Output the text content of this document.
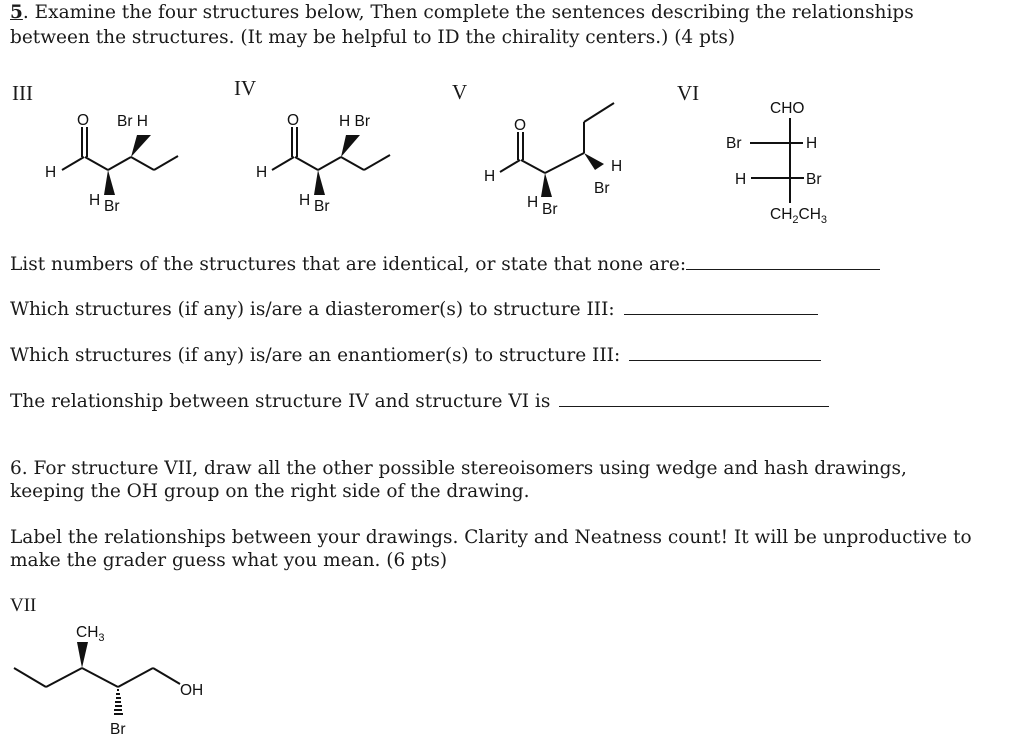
5. Examine the four structures below, Then complete the sentences describing the relationships
between the structures. (It may be helpful to ID the chirality centers.) (4 pts)
III	IV	V	VI
O
H
Br H
H Br
O
H
H Br
H Br
O
H
H Br
H
Br
CHO
Br	H
H	Br
$CH_2CH_3$
List numbers of the structures that are identical, or state that none are:
Which structures (if any) is/are a diasteromer(s) to structure III:
Which structures (if any) is/are an enantiomer(s) to structure III:
The relationship between structure IV and structure VI is
6. For structure VII, draw all the other possible stereoisomers using wedge and hash drawings,
keeping the OH group on the right side of the drawing.
Label the relationships between your drawings. Clarity and Neatness count! It will be unproductive to
make the grader guess what you mean. (6 pts)
VII
$CH_3$
OH
Br
